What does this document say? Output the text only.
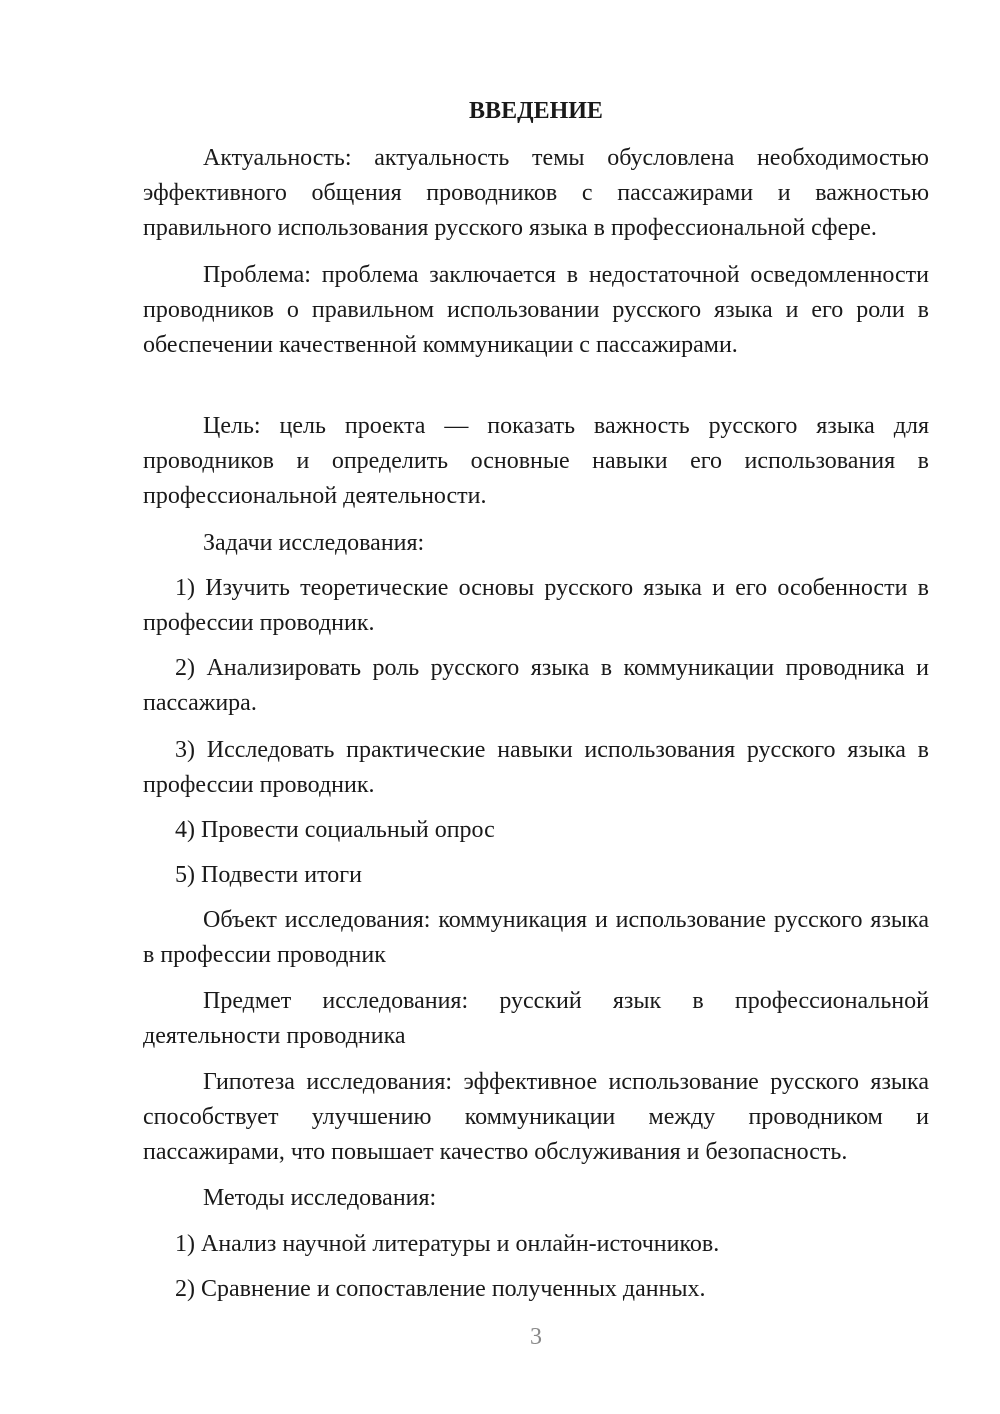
ВВЕДЕНИЕ
Актуальность: актуальность темы обусловлена необходимостью эффективного общения проводников с пассажирами и важностью правильного использования русского языка в профессиональной сфере.
Проблема: проблема заключается в недостаточной осведомленности проводников о правильном использовании русского языка и его роли в обеспечении качественной коммуникации с пассажирами.
Цель: цель проекта — показать важность русского языка для проводников и определить основные навыки его использования в профессиональной деятельности.
Задачи исследования:
1) Изучить теоретические основы русского языка и его особенности в профессии проводник.
2) Анализировать роль русского языка в коммуникации проводника и пассажира.
3) Исследовать практические навыки использования русского языка в профессии проводник.
4) Провести социальный опрос
5) Подвести итоги
Объект исследования: коммуникация и использование русского языка в профессии проводник
Предмет исследования: русский язык в профессиональной деятельности проводника
Гипотеза исследования: эффективное использование русского языка способствует улучшению коммуникации между проводником и пассажирами, что повышает качество обслуживания и безопасность.
Методы исследования:
1) Анализ научной литературы и онлайн-источников.
2) Сравнение и сопоставление полученных данных.
3
